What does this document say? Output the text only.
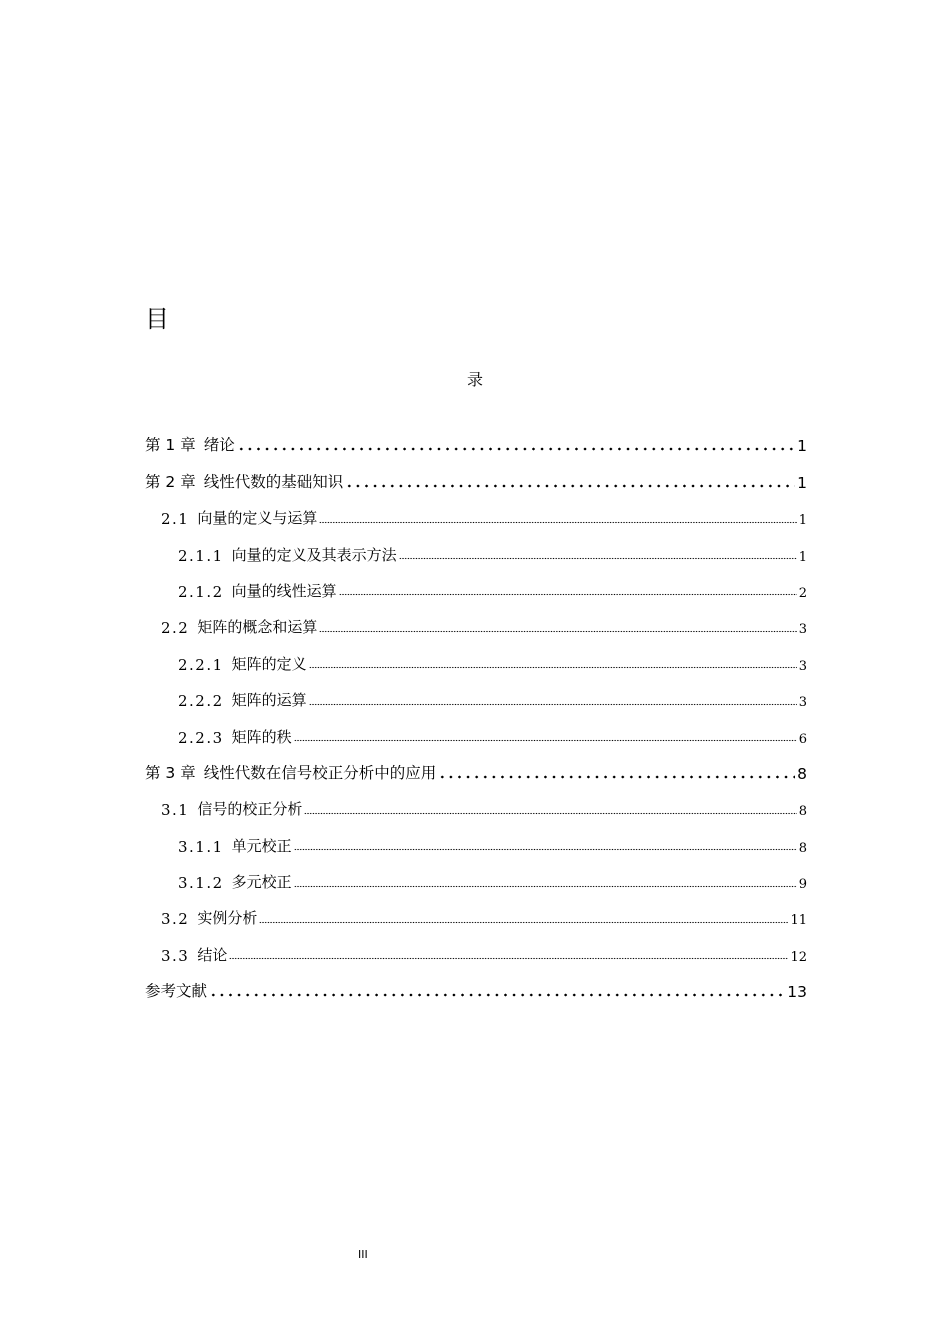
目
录
第 1 章 绪论	1
第 2 章 线性代数的基础知识	1
2.1 向量的定义与运算	1
2.1.1 向量的定义及其表示方法	1
2.1.2 向量的线性运算	2
2.2 矩阵的概念和运算	3
2.2.1 矩阵的定义	3
2.2.2 矩阵的运算	3
2.2.3 矩阵的秩	6
第 3 章 线性代数在信号校正分析中的应用	8
3.1 信号的校正分析	8
3.1.1 单元校正	8
3.1.2 多元校正	9
3.2 实例分析	11
3.3 结论	12
参考文献	13
III
